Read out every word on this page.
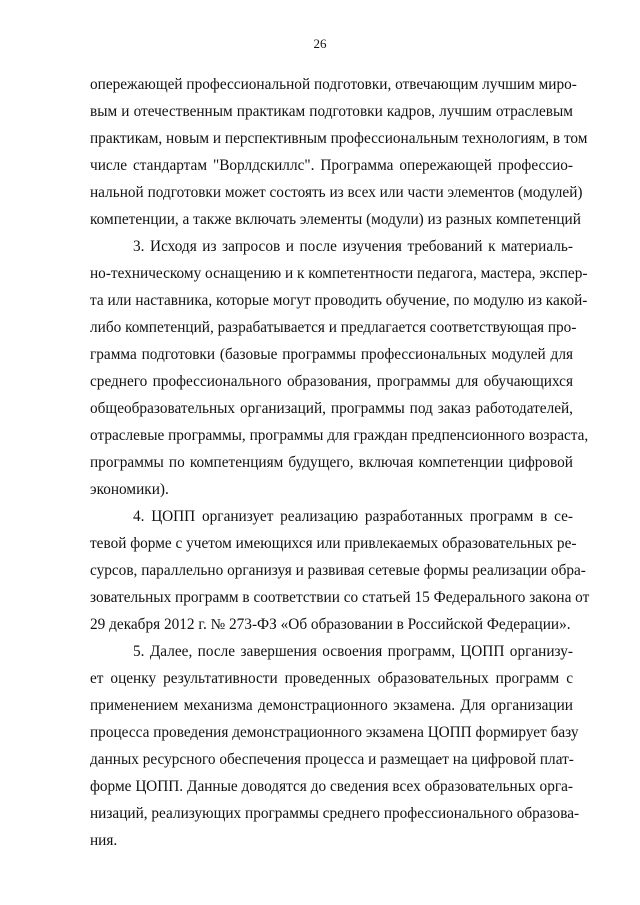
26
опережающей профессиональной подготовки, отвечающим лучшим миро-
вым и отечественным практикам подготовки кадров, лучшим отраслевым
практикам, новым и перспективным профессиональным технологиям, в том
числе стандартам "Ворлдскиллс". Программа опережающей профессио-
нальной подготовки может состоять из всех или части элементов (модулей)
компетенции, а также включать элементы (модули) из разных компетенций
3. Исходя из запросов и после изучения требований к материаль-
но-техническому оснащению и к компетентности педагога, мастера, экспер-
та или наставника, которые могут проводить обучение, по модулю из какой-
либо компетенций, разрабатывается и предлагается соответствующая про-
грамма подготовки (базовые программы профессиональных модулей для
среднего профессионального образования, программы для обучающихся
общеобразовательных организаций, программы под заказ работодателей,
отраслевые программы, программы для граждан предпенсионного возраста,
программы по компетенциям будущего, включая компетенции цифровой
экономики).
4. ЦОПП организует реализацию разработанных программ в се-
тевой форме с учетом имеющихся или привлекаемых образовательных ре-
сурсов, параллельно организуя и развивая сетевые формы реализации обра-
зовательных программ в соответствии со статьей 15 Федерального закона от
29 декабря 2012 г. № 273-ФЗ «Об образовании в Российской Федерации».
5. Далее, после завершения освоения программ, ЦОПП организу-
ет оценку результативности проведенных образовательных программ с
применением механизма демонстрационного экзамена. Для организации
процесса проведения демонстрационного экзамена ЦОПП формирует базу
данных ресурсного обеспечения процесса и размещает на цифровой плат-
форме ЦОПП. Данные доводятся до сведения всех образовательных орга-
низаций, реализующих программы среднего профессионального образова-
ния.
